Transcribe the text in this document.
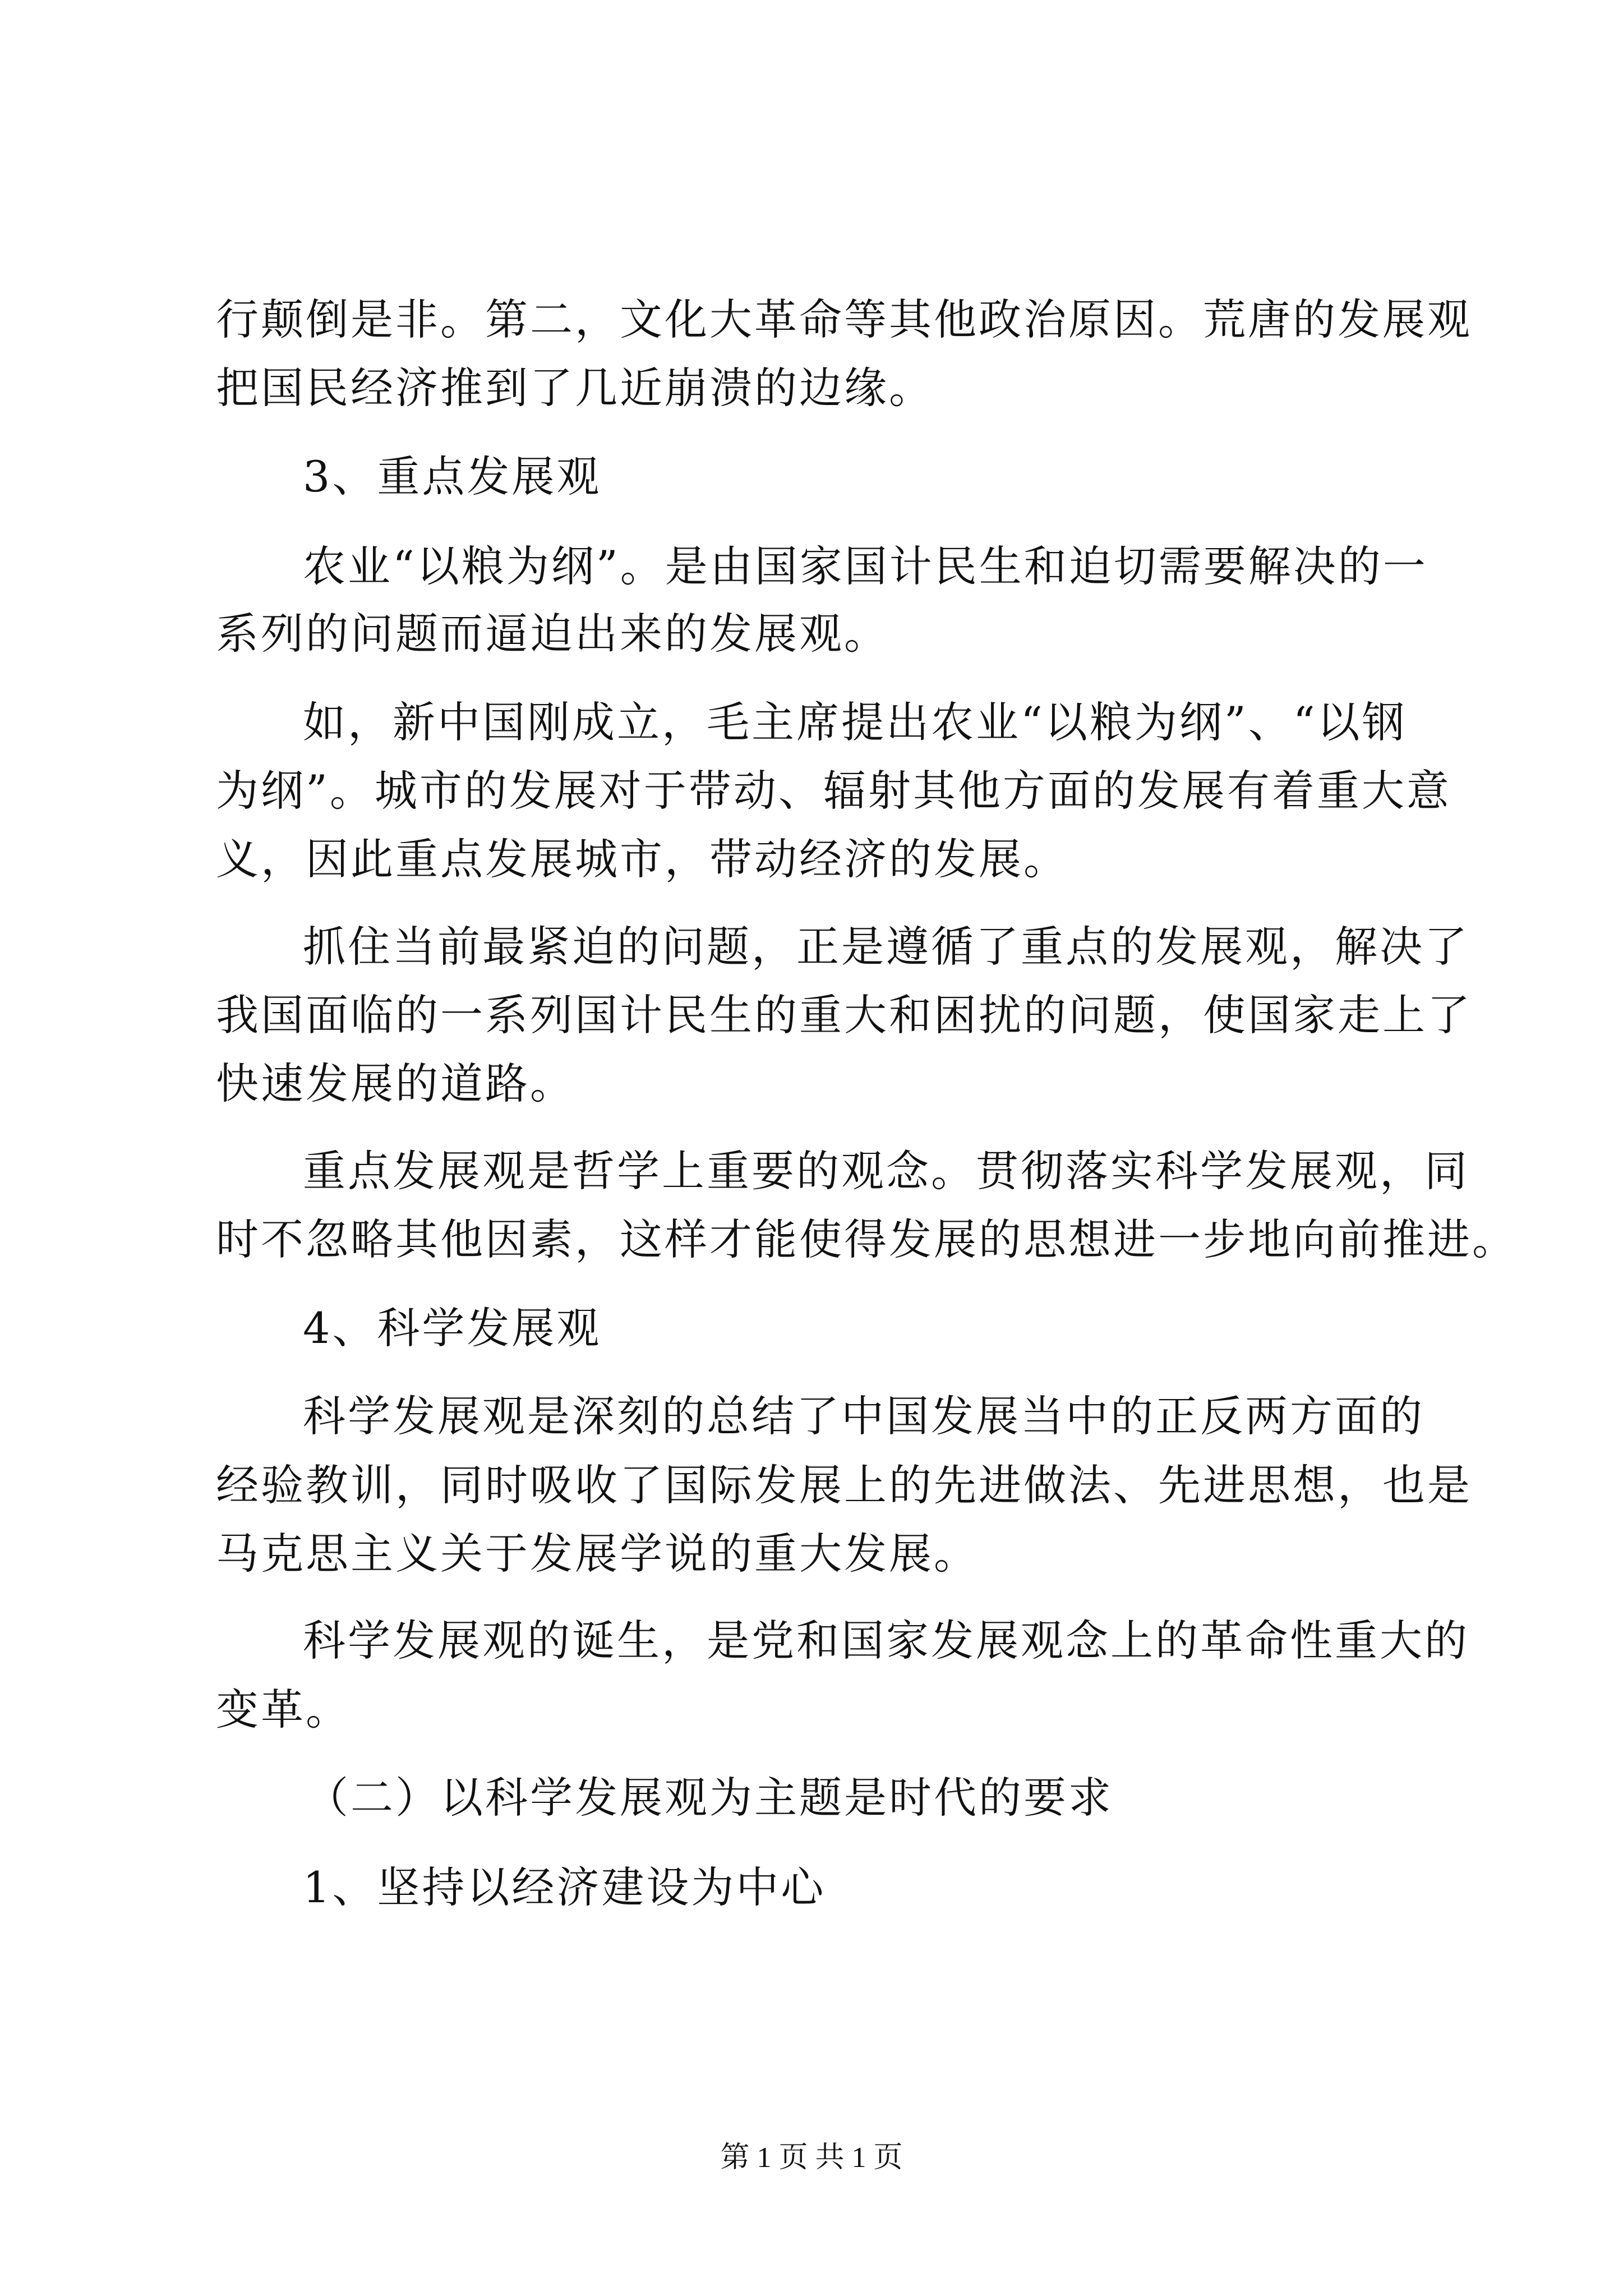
行颠倒是非。第二，文化大革命等其他政治原因。荒唐的发展观
把国民经济推到了几近崩溃的边缘。
3、重点发展观
农业“以粮为纲”。是由国家国计民生和迫切需要解决的一
系列的问题而逼迫出来的发展观。
如，新中国刚成立，毛主席提出农业“以粮为纲”、“以钢
为纲”。城市的发展对于带动、辐射其他方面的发展有着重大意
义，因此重点发展城市，带动经济的发展。
抓住当前最紧迫的问题，正是遵循了重点的发展观，解决了
我国面临的一系列国计民生的重大和困扰的问题，使国家走上了
快速发展的道路。
重点发展观是哲学上重要的观念。贯彻落实科学发展观，同
时不忽略其他因素，这样才能使得发展的思想进一步地向前推进。
4、科学发展观
科学发展观是深刻的总结了中国发展当中的正反两方面的
经验教训，同时吸收了国际发展上的先进做法、先进思想，也是
马克思主义关于发展学说的重大发展。
科学发展观的诞生，是党和国家发展观念上的革命性重大的
变革。
（二）以科学发展观为主题是时代的要求
1、坚持以经济建设为中心
第 1 页 共 1 页
